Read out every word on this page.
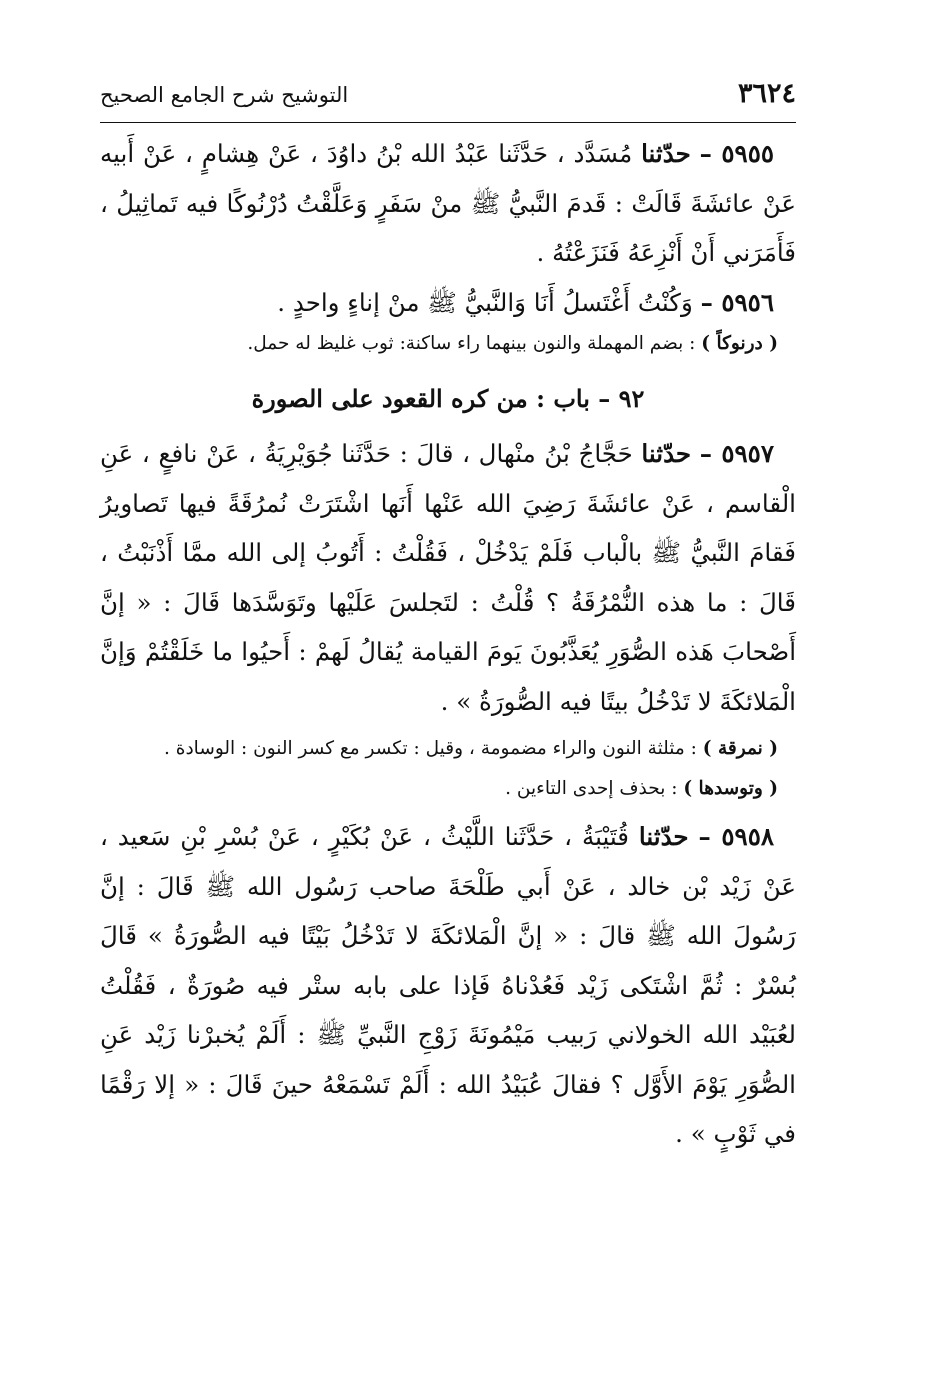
٣٦٢٤
التوشيح شرح الجامع الصحيح

٥٩٥٥ – حدّثنا مُسَدَّد ، حَدَّثَنا عَبْدُ الله بْنُ داوُدَ ، عَنْ هِشامٍ ، عَنْ أَبيه عَنْ عائشَةَ قَالَتْ : قَدمَ النَّبيُّ ﷺ منْ سَفَرٍ وَعَلَّقْتُ دُرْنُوكًا فيه تَماثِيلُ ، فَأَمَرَني أَنْ أَنْزِعَهُ فَنَزَعْتُهُ .

٥٩٥٦ – وَكُنْتُ أَغْتَسلُ أَنَا وَالنَّبيُّ ﷺ منْ إناءٍ واحدٍ .

( درنوكاً ) : بضم المهملة والنون بينهما راء ساكنة: ثوب غليظ له حمل.

٩٢ – باب : من كره القعود على الصورة

٥٩٥٧ – حدّثنا حَجَّاجُ بْنُ منْهال ، قالَ : حَدَّثَنا جُوَيْرِيَةُ ، عَنْ نافعٍ ، عَنِ الْقاسم ، عَنْ عائشَةَ رَضِيَ الله عَنْها أَنَها اشْتَرَتْ نُمرُقَةً فيها تَصاويرُ فَقامَ النَّبيُّ ﷺ بالْباب فَلَمْ يَدْخُلْ ، فَقُلْتُ : أَتُوبُ إلى الله ممَّا أَذْنَبْتُ ، قَالَ : ما هذه النُّمْرُقَةُ ؟ قُلْتُ : لتَجلسَ عَلَيْها وتَوَسَّدَها قَالَ : « إنَّ أَصْحابَ هَذه الصُّوَرِ يُعَذَّبُونَ يَومَ القيامة يُقالُ لَهمْ : أَحيُوا ما خَلَقْتُمْ وَإنَّ الْمَلائكَةَ لا تَدْخُلُ بيتًا فيه الصُّورَةُ » .

( نمرقة ) : مثلثة النون والراء مضمومة ، وقيل : تكسر مع كسر النون : الوسادة .

( وتوسدها ) : بحذف إحدى التاءين .

٥٩٥٨ – حدّثنا قُتَيْبَةُ ، حَدَّثَنا اللَّيْثُ ، عَنْ بُكَيْرٍ ، عَنْ بُسْرِ بْنِ سَعيد ، عَنْ زَيْد بْن خالد ، عَنْ أَبي طَلْحَةَ صاحب رَسُول الله ﷺ قَالَ : إنَّ رَسُولَ الله ﷺ قالَ : « إنَّ الْمَلائكَةَ لا تَدْخُلُ بَيْتًا فيه الصُّورَةُ » قَالَ بُسْرٌ : ثُمَّ اشْتَكى زَيْد فَعُدْناهُ فَإذا على بابه ستْر فيه صُورَةٌ ، فَقُلْتُ لعُبَيْد الله الخولاني رَبيب مَيْمُونَةَ زَوْجِ النَّبيِّ ﷺ : أَلَمْ يُخبرْنا زَيْد عَنِ الصُّوَرِ يَوْمَ الأَوَّل ؟ فقالَ عُبَيْدُ الله : أَلَمْ تَسْمَعْهُ حينَ قَالَ : « إلا رَقْمًا في ثَوْبٍ » .
